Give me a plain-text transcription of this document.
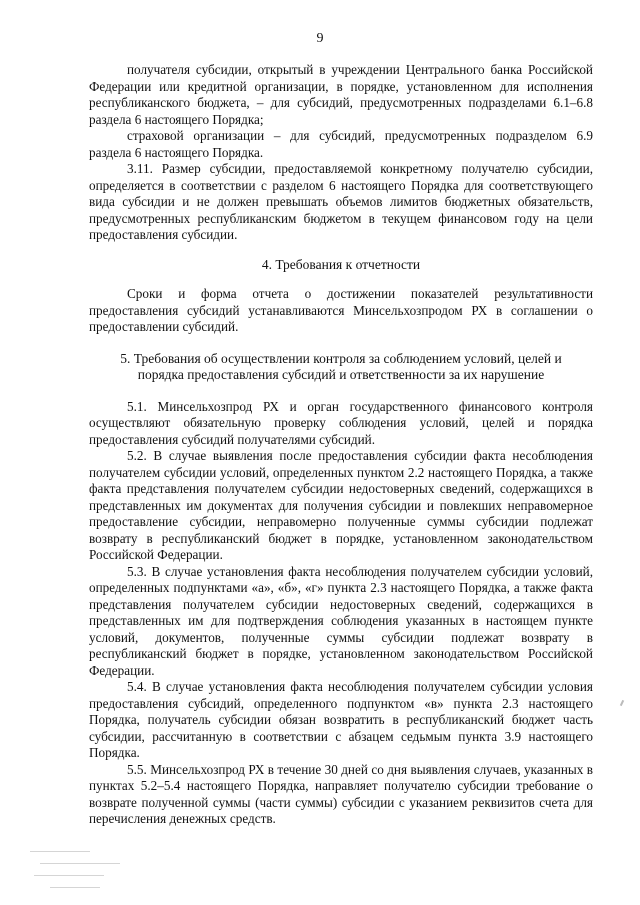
9

получателя субсидии, открытый в учреждении Центрального банка Российской Федерации или кредитной организации, в порядке, установленном для исполнения республиканского бюджета, – для субсидий, предусмотренных подразделами 6.1–6.8 раздела 6 настоящего Порядка;

страховой организации – для субсидий, предусмотренных подразделом 6.9 раздела 6 настоящего Порядка.

3.11. Размер субсидии, предоставляемой конкретному получателю субсидии, определяется в соответствии с разделом 6 настоящего Порядка для соответствующего вида субсидии и не должен превышать объемов лимитов бюджетных обязательств, предусмотренных республиканским бюджетом в текущем финансовом году на цели предоставления субсидии.

4. Требования к отчетности

Сроки и форма отчета о достижении показателей результативности предоставления субсидий устанавливаются Минсельхозпродом РХ в соглашении о предоставлении субсидий.

5. Требования об осуществлении контроля за соблюдением условий, целей и
порядка предоставления субсидий и ответственности за их нарушение

5.1. Минсельхозпрод РХ и орган государственного финансового контроля осуществляют обязательную проверку соблюдения условий, целей и порядка предоставления субсидий получателями субсидий.

5.2. В случае выявления после предоставления субсидии факта несоблюдения получателем субсидии условий, определенных пунктом 2.2 настоящего Порядка, а также факта представления получателем субсидии недостоверных сведений, содержащихся в представленных им документах для получения субсидии и повлекших неправомерное предоставление субсидии, неправомерно полученные суммы субсидии подлежат возврату в республиканский бюджет в порядке, установленном законодательством Российской Федерации.

5.3. В случае установления факта несоблюдения получателем субсидии условий, определенных подпунктами «а», «б», «г» пункта 2.3 настоящего Порядка, а также факта представления получателем субсидии недостоверных сведений, содержащихся в представленных им для подтверждения соблюдения указанных в настоящем пункте условий, документов, полученные суммы субсидии подлежат возврату в республиканский бюджет в порядке, установленном законодательством Российской Федерации.

5.4. В случае установления факта несоблюдения получателем субсидии условия предоставления субсидий, определенного подпунктом «в» пункта 2.3 настоящего Порядка, получатель субсидии обязан возвратить в республиканский бюджет часть субсидии, рассчитанную в соответствии с абзацем седьмым пункта 3.9 настоящего Порядка.

5.5. Минсельхозпрод РХ в течение 30 дней со дня выявления случаев, указанных в пунктах 5.2–5.4 настоящего Порядка, направляет получателю субсидии требование о возврате полученной суммы (части суммы) субсидии с указанием реквизитов счета для перечисления денежных средств.
